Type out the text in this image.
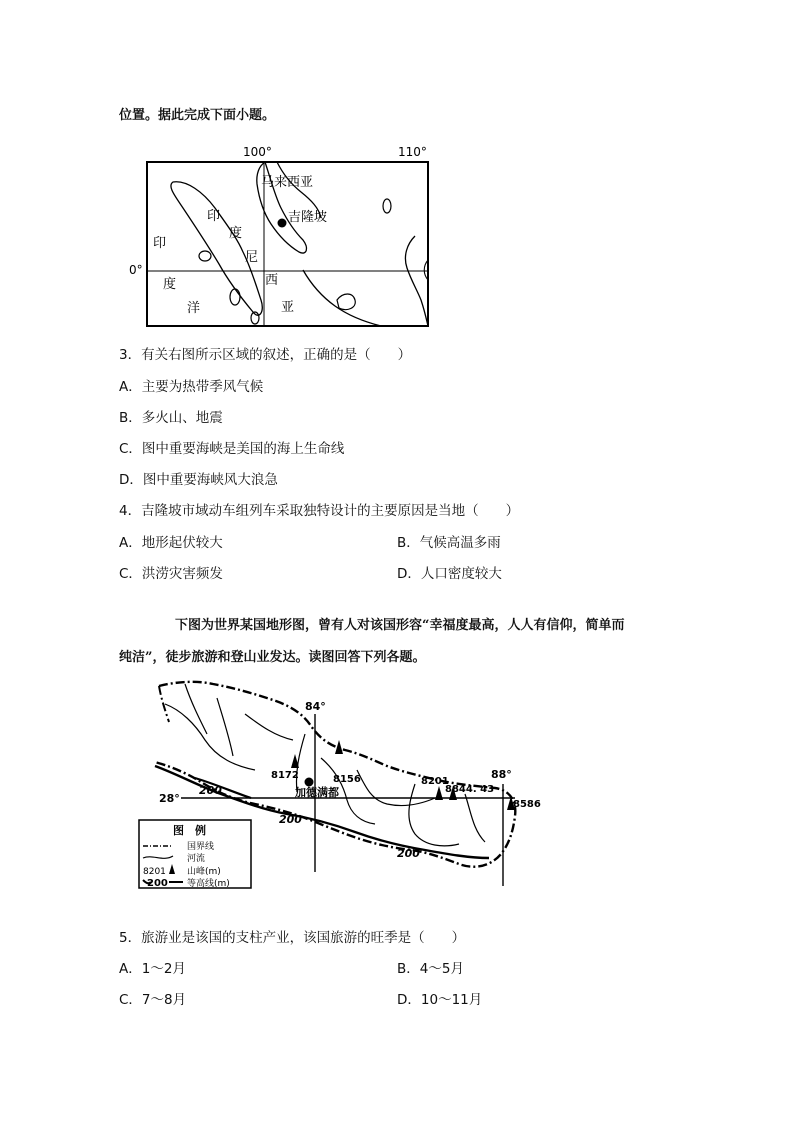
位置。据此完成下面小题。
100°	110°
0°
吉隆坡
马来西亚
印
度
尼
西
亚
印
度
洋
3．有关右图所示区域的叙述，正确的是（　　）
A．主要为热带季风气候
B．多火山、地震
C．图中重要海峡是美国的海上生命线
D．图中重要海峡风大浪急
4．吉隆坡市域动车组列车采取独特设计的主要原因是当地（　　）
A．地形起伏较大	B．气候高温多雨
C．洪涝灾害频发	D．人口密度较大
下图为世界某国地形图，曾有人对该国形容“幸福度最高，人人有信仰，简单而
纯洁”，徒步旅游和登山业发达。读图回答下列各题。
84°
88°
28°
200
200
200
8172	8156	8201
8844. 43
8586
加德满都
图　例
国界线
河流
8201 山峰(m)
200 等高线(m)
5．旅游业是该国的支柱产业，该国旅游的旺季是（　　）
A．1～2月	B．4～5月
C．7～8月	D．10～11月
